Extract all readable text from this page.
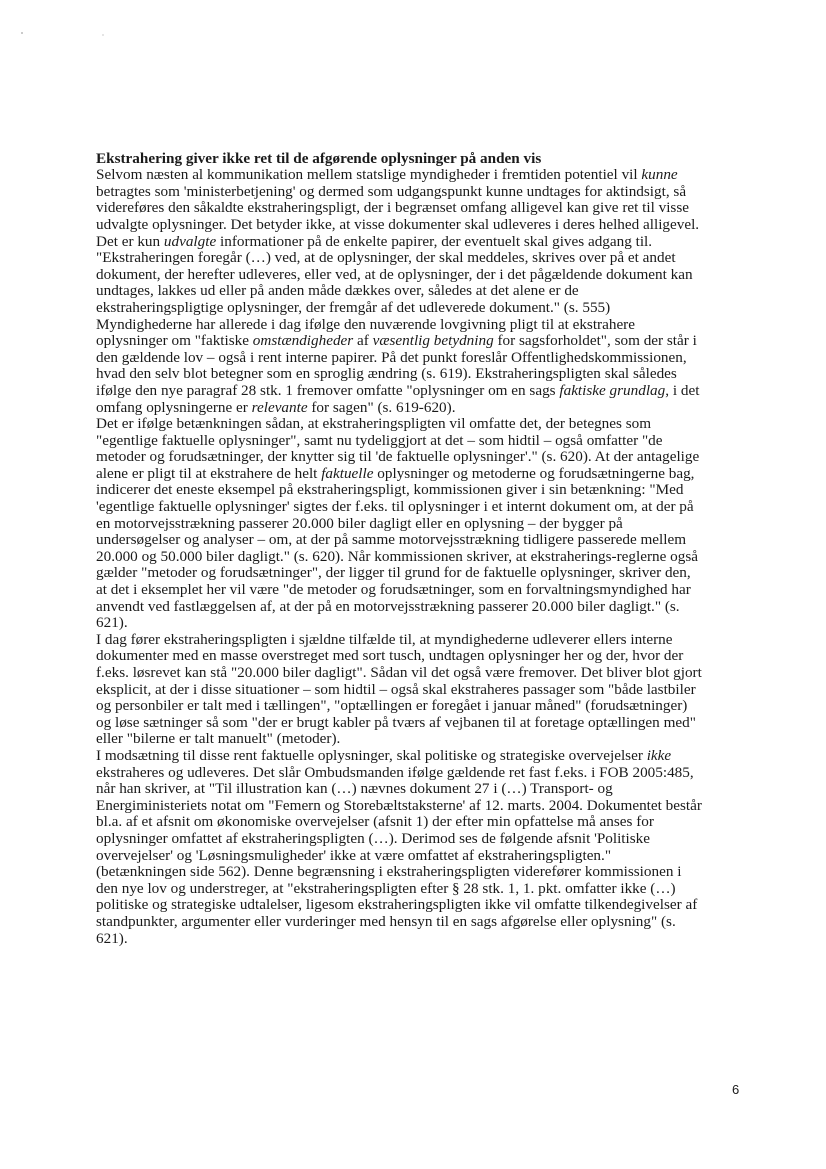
Ekstrahering giver ikke ret til de afgørende oplysninger på anden vis

Selvom næsten al kommunikation mellem statslige myndigheder i fremtiden potentiel vil kunne

betragtes som 'ministerbetjening' og dermed som udgangspunkt kunne undtages for aktindsigt, så

videreføres den såkaldte ekstraheringspligt, der i begrænset omfang alligevel kan give ret til visse

udvalgte oplysninger. Det betyder ikke, at visse dokumenter skal udleveres i deres helhed alligevel.

Det er kun udvalgte informationer på de enkelte papirer, der eventuelt skal gives adgang til.

"Ekstraheringen foregår (…) ved, at de oplysninger, der skal meddeles, skrives over på et andet

dokument, der herefter udleveres, eller ved, at de oplysninger, der i det pågældende dokument kan

undtages, lakkes ud eller på anden måde dækkes over, således at det alene er de

ekstraheringspligtige oplysninger, der fremgår af det udleverede dokument." (s. 555)

Myndighederne har allerede i dag ifølge den nuværende lovgivning pligt til at ekstrahere

oplysninger om "faktiske omstændigheder af væsentlig betydning for sagsforholdet", som der står i

den gældende lov – også i rent interne papirer. På det punkt foreslår Offentlighedskommissionen,

hvad den selv blot betegner som en sproglig ændring (s. 619). Ekstraheringspligten skal således

ifølge den nye paragraf 28 stk. 1 fremover omfatte "oplysninger om en sags faktiske grundlag, i det

omfang oplysningerne er relevante for sagen" (s. 619-620).

Det er ifølge betænkningen sådan, at ekstraheringspligten vil omfatte det, der betegnes som

"egentlige faktuelle oplysninger", samt nu tydeliggjort at det – som hidtil – også omfatter "de

metoder og forudsætninger, der knytter sig til 'de faktuelle oplysninger'." (s. 620). At der antagelige

alene er pligt til at ekstrahere de helt faktuelle oplysninger og metoderne og forudsætningerne bag,

indicerer det eneste eksempel på ekstraheringspligt, kommissionen giver i sin betænkning: "Med

'egentlige faktuelle oplysninger' sigtes der f.eks. til oplysninger i et internt dokument om, at der på

en motorvejsstrækning passerer 20.000 biler dagligt eller en oplysning – der bygger på

undersøgelser og analyser – om, at der på samme motorvejsstrækning tidligere passerede mellem

20.000 og 50.000 biler dagligt." (s. 620). Når kommissionen skriver, at ekstraherings-reglerne også

gælder "metoder og forudsætninger", der ligger til grund for de faktuelle oplysninger, skriver den,

at det i eksemplet her vil være "de metoder og forudsætninger, som en forvaltningsmyndighed har

anvendt ved fastlæggelsen af, at der på en motorvejsstrækning passerer 20.000 biler dagligt." (s.

621).

I dag fører ekstraheringspligten i sjældne tilfælde til, at myndighederne udleverer ellers interne

dokumenter med en masse overstreget med sort tusch, undtagen oplysninger her og der, hvor der

f.eks. løsrevet kan stå "20.000 biler dagligt". Sådan vil det også være fremover. Det bliver blot gjort

eksplicit, at der i disse situationer – som hidtil – også skal ekstraheres passager som "både lastbiler

og personbiler er talt med i tællingen", "optællingen er foregået i januar måned" (forudsætninger)

og løse sætninger så som "der er brugt kabler på tværs af vejbanen til at foretage optællingen med"

eller "bilerne er talt manuelt" (metoder).

I modsætning til disse rent faktuelle oplysninger, skal politiske og strategiske overvejelser ikke

ekstraheres og udleveres. Det slår Ombudsmanden ifølge gældende ret fast f.eks. i FOB 2005:485,

når han skriver, at "Til illustration kan (…) nævnes dokument 27 i (…) Transport- og

Energiministeriets notat om "Femern og Storebæltstaksterne' af 12. marts. 2004. Dokumentet består

bl.a. af et afsnit om økonomiske overvejelser (afsnit 1) der efter min opfattelse må anses for

oplysninger omfattet af ekstraheringspligten (…). Derimod ses de følgende afsnit 'Politiske

overvejelser' og 'Løsningsmuligheder' ikke at være omfattet af ekstraheringspligten."

(betænkningen side 562). Denne begrænsning i ekstraheringspligten viderefører kommissionen i

den nye lov og understreger, at "ekstraheringspligten efter § 28 stk. 1, 1. pkt. omfatter ikke (…)

politiske og strategiske udtalelser, ligesom ekstraheringspligten ikke vil omfatte tilkendegivelser af

standpunkter, argumenter eller vurderinger med hensyn til en sags afgørelse eller oplysning" (s.

621).

6
